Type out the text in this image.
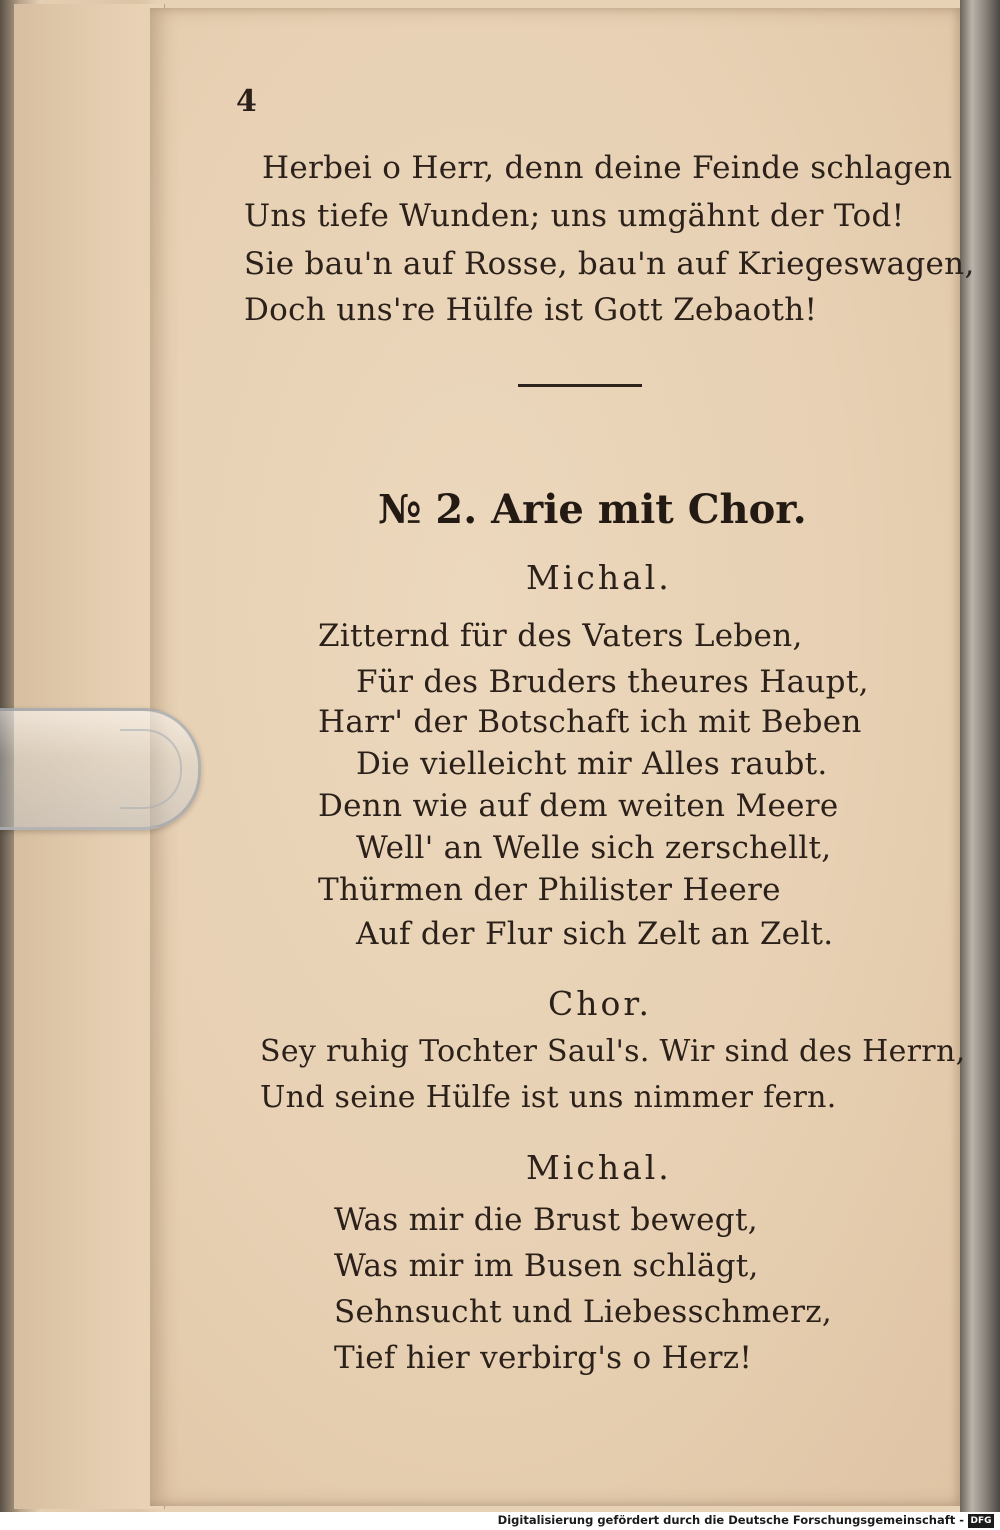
4
Herbei o Herr, denn deine Feinde schlagen
Uns tiefe Wunden; uns umgähnt der Tod!
Sie bau'n auf Rosse, bau'n auf Kriegeswagen,
Doch uns're Hülfe ist Gott Zebaoth!
№ 2. Arie mit Chor.
Michal.
Zitternd für des Vaters Leben,
Für des Bruders theures Haupt,
Harr' der Botschaft ich mit Beben
Die vielleicht mir Alles raubt.
Denn wie auf dem weiten Meere
Well' an Welle sich zerschellt,
Thürmen der Philister Heere
Auf der Flur sich Zelt an Zelt.
Chor.
Sey ruhig Tochter Saul's. Wir sind des Herrn,
Und seine Hülfe ist uns nimmer fern.
Michal.
Was mir die Brust bewegt,
Was mir im Busen schlägt,
Sehnsucht und Liebesschmerz,
Tief hier verbirg's o Herz!
Digitalisierung gefördert durch die Deutsche Forschungsgemeinschaft - DFG
